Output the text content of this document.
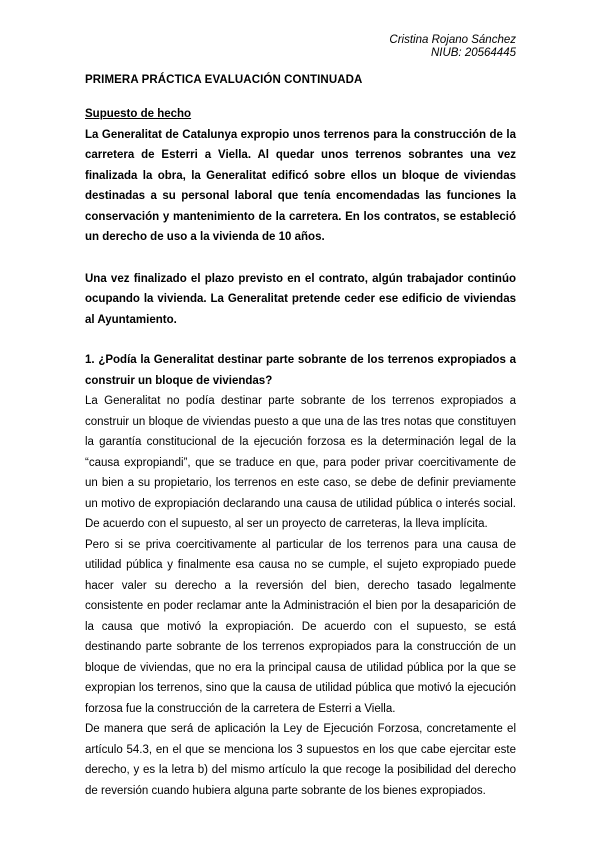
Cristina Rojano Sánchez
NIUB: 20564445
PRIMERA PRÁCTICA EVALUACIÓN CONTINUADA

Supuesto de hecho

La Generalitat de Catalunya expropio unos terrenos para la construcción de la carretera de Esterri a Viella. Al quedar unos terrenos sobrantes una vez finalizada la obra, la Generalitat edificó sobre ellos un bloque de viviendas destinadas a su personal laboral que tenía encomendadas las funciones la conservación y mantenimiento de la carretera. En los contratos, se estableció un derecho de uso a la vivienda de 10 años.

Una vez finalizado el plazo previsto en el contrato, algún trabajador continúo ocupando la vivienda. La Generalitat pretende ceder ese edificio de viviendas al Ayuntamiento.

1. ¿Podía la Generalitat destinar parte sobrante de los terrenos expropiados a construir un bloque de viviendas?

La Generalitat no podía destinar parte sobrante de los terrenos expropiados a construir un bloque de viviendas puesto a que una de las tres notas que constituyen la garantía constitucional de la ejecución forzosa es la determinación legal de la “causa expropiandi”, que se traduce en que, para poder privar coercitivamente de un bien a su propietario, los terrenos en este caso, se debe de definir previamente un motivo de expropiación declarando una causa de utilidad pública o interés social. De acuerdo con el supuesto, al ser un proyecto de carreteras, la lleva implícita.

Pero si se priva coercitivamente al particular de los terrenos para una causa de utilidad pública y finalmente esa causa no se cumple, el sujeto expropiado puede hacer valer su derecho a la reversión del bien, derecho tasado legalmente consistente en poder reclamar ante la Administración el bien por la desaparición de la causa que motivó la expropiación. De acuerdo con el supuesto, se está destinando parte sobrante de los terrenos expropiados para la construcción de un bloque de viviendas, que no era la principal causa de utilidad pública por la que se expropian los terrenos, sino que la causa de utilidad pública que motivó la ejecución forzosa fue la construcción de la carretera de Esterri a Viella.

De manera que será de aplicación la Ley de Ejecución Forzosa, concretamente el artículo 54.3, en el que se menciona los 3 supuestos en los que cabe ejercitar este derecho, y es la letra b) del mismo artículo la que recoge la posibilidad del derecho de reversión cuando hubiera alguna parte sobrante de los bienes expropiados.
